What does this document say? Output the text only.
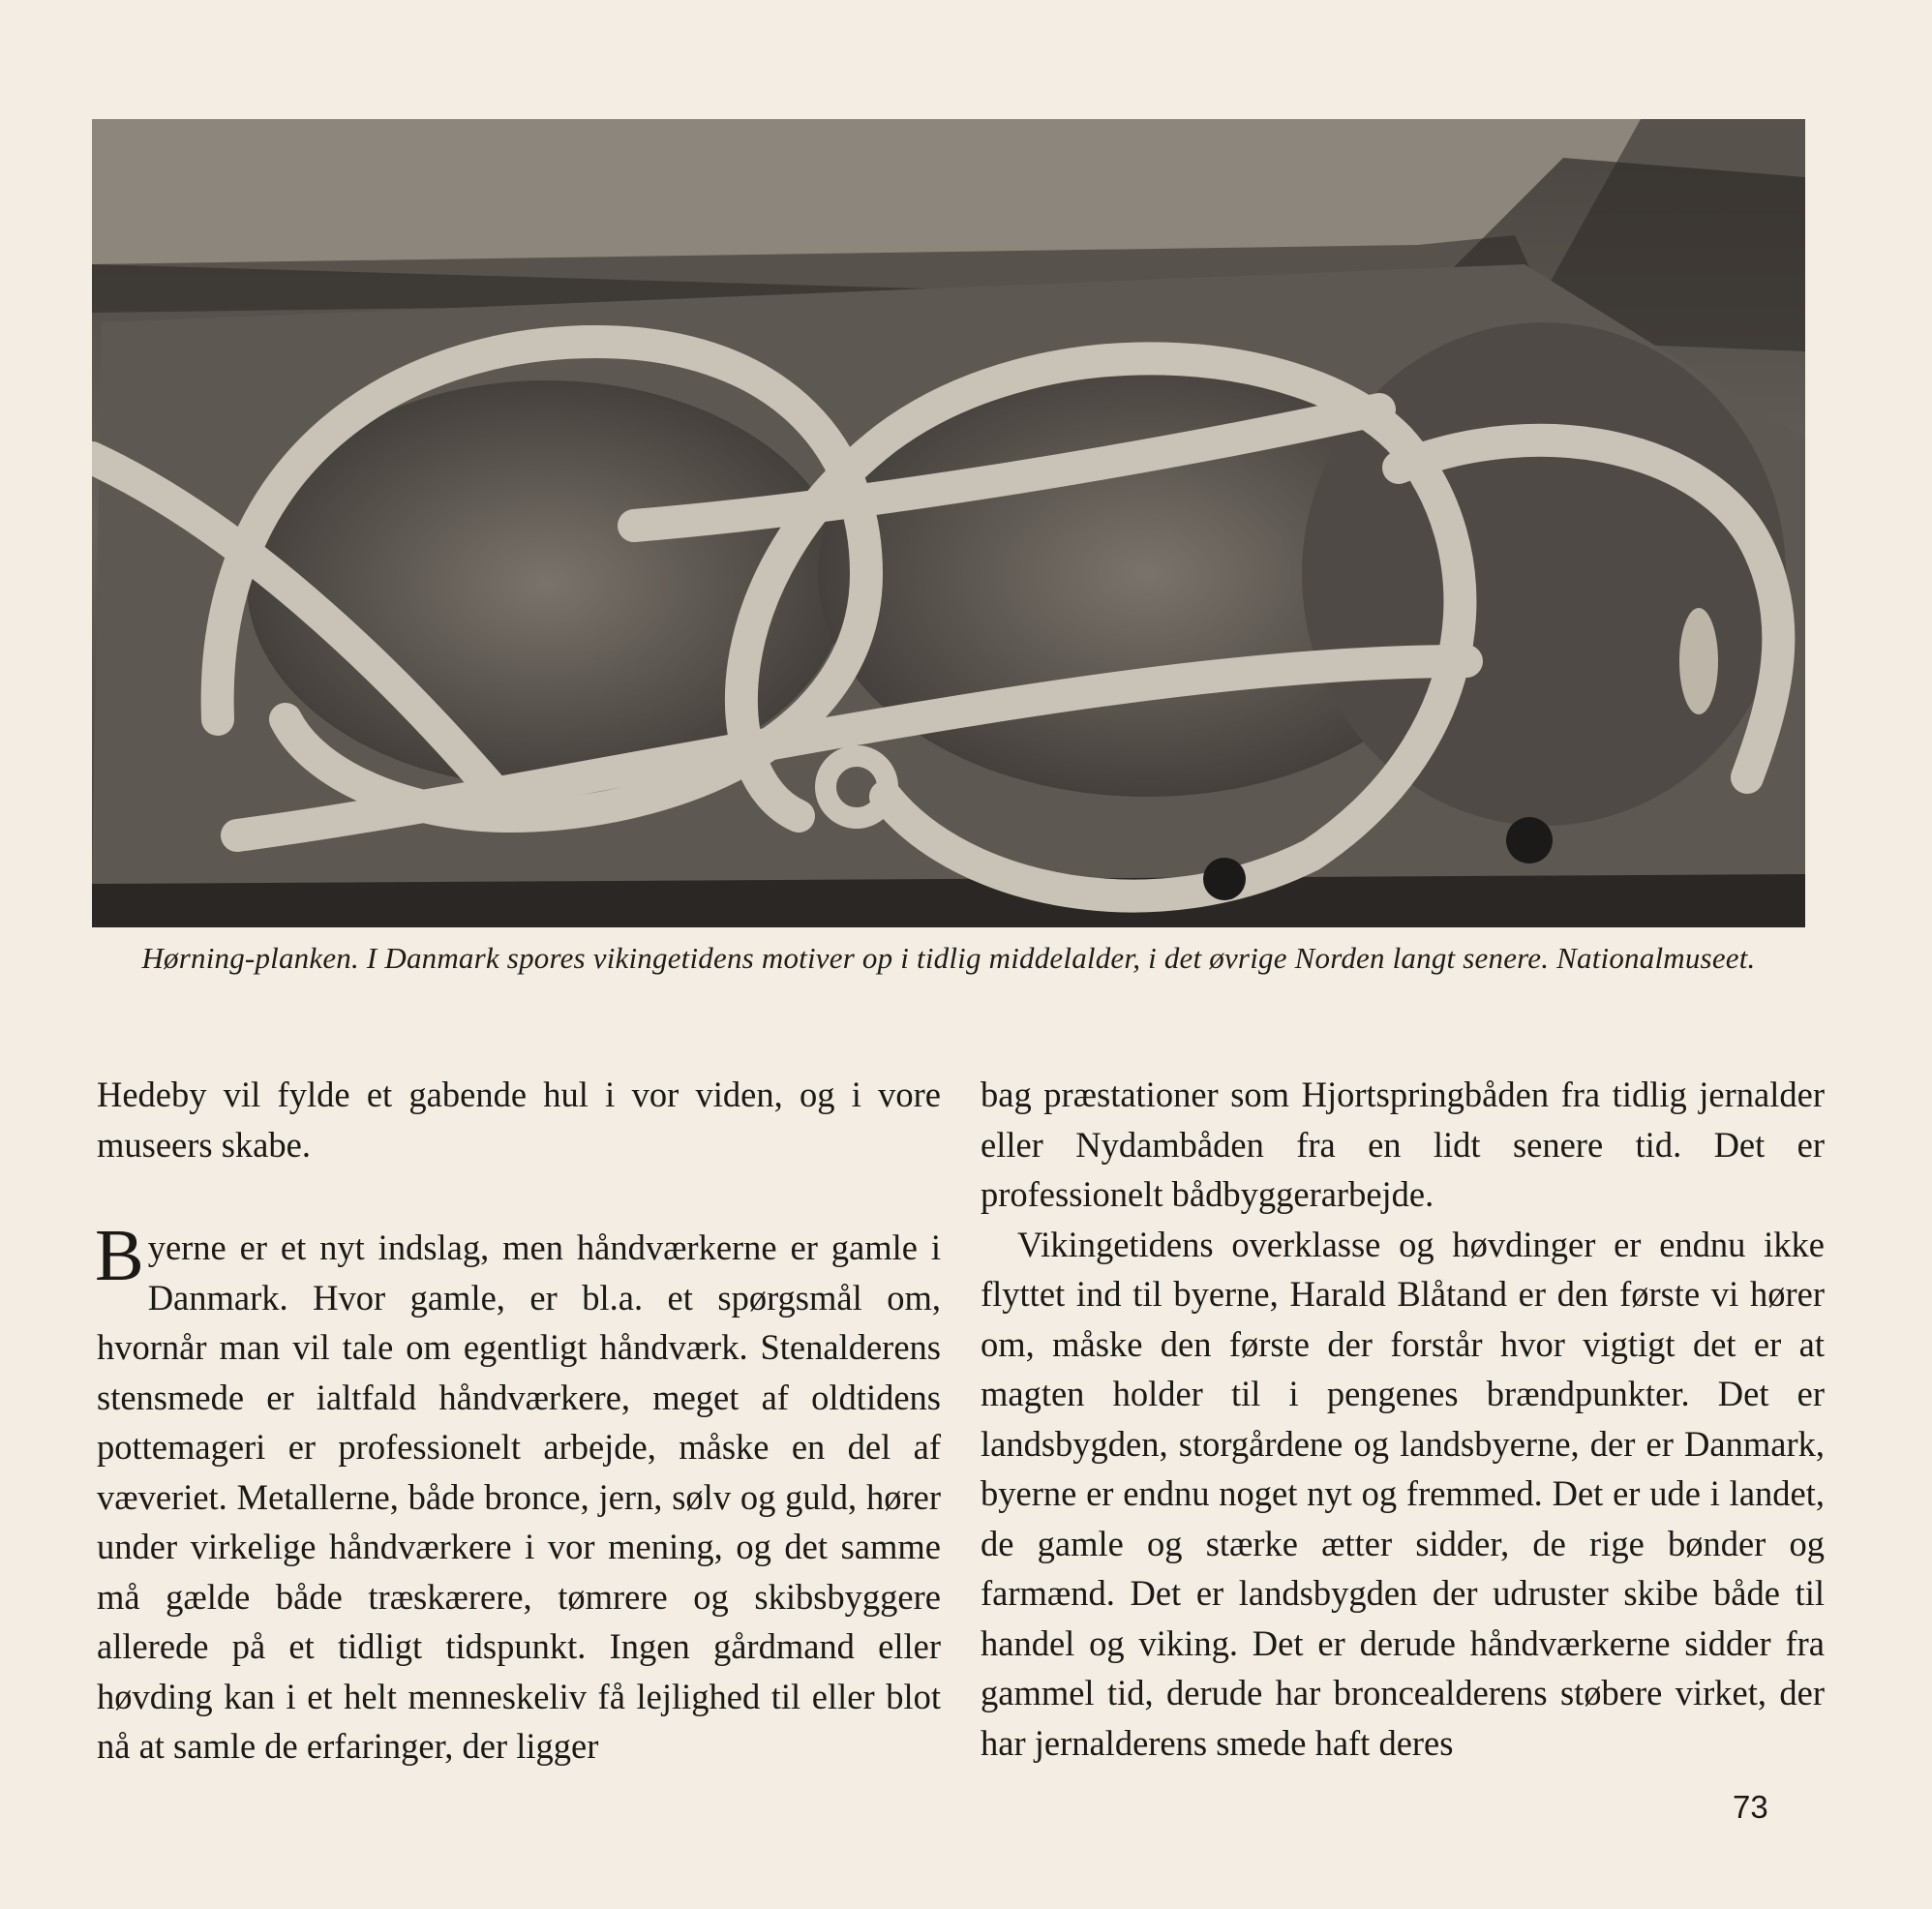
Hørning-planken. I Danmark spores vikingetidens motiver op i tidlig middelalder, i det øvrige Norden langt senere. Nationalmuseet.

Hedeby vil fylde et gabende hul i vor viden, og i vore museers skabe.

Byerne er et nyt indslag, men håndværkerne er gamle i Danmark. Hvor gamle, er bl.a. et spørgsmål om, hvornår man vil tale om egentligt håndværk. Stenalderens stensmede er ialtfald håndværkere, meget af oldtidens pottemageri er professionelt arbejde, måske en del af væveriet. Metallerne, både bronce, jern, sølv og guld, hører under virkelige håndværkere i vor mening, og det samme må gælde både træskærere, tømrere og skibsbyggere allerede på et tidligt tidspunkt. Ingen gårdmand eller høvding kan i et helt menneskeliv få lejlighed til eller blot nå at samle de erfaringer, der ligger

bag præstationer som Hjortspringbåden fra tidlig jernalder eller Nydambåden fra en lidt senere tid. Det er professionelt bådbyggerarbejde.

Vikingetidens overklasse og høvdinger er endnu ikke flyttet ind til byerne, Harald Blåtand er den første vi hører om, måske den første der forstår hvor vigtigt det er at magten holder til i pengenes brændpunkter. Det er landsbygden, storgårdene og landsbyerne, der er Danmark, byerne er endnu noget nyt og fremmed. Det er ude i landet, de gamle og stærke ætter sidder, de rige bønder og farmænd. Det er landsbygden der udruster skibe både til handel og viking. Det er derude håndværkerne sidder fra gammel tid, derude har broncealderens støbere virket, der har jernalderens smede haft deres

73
